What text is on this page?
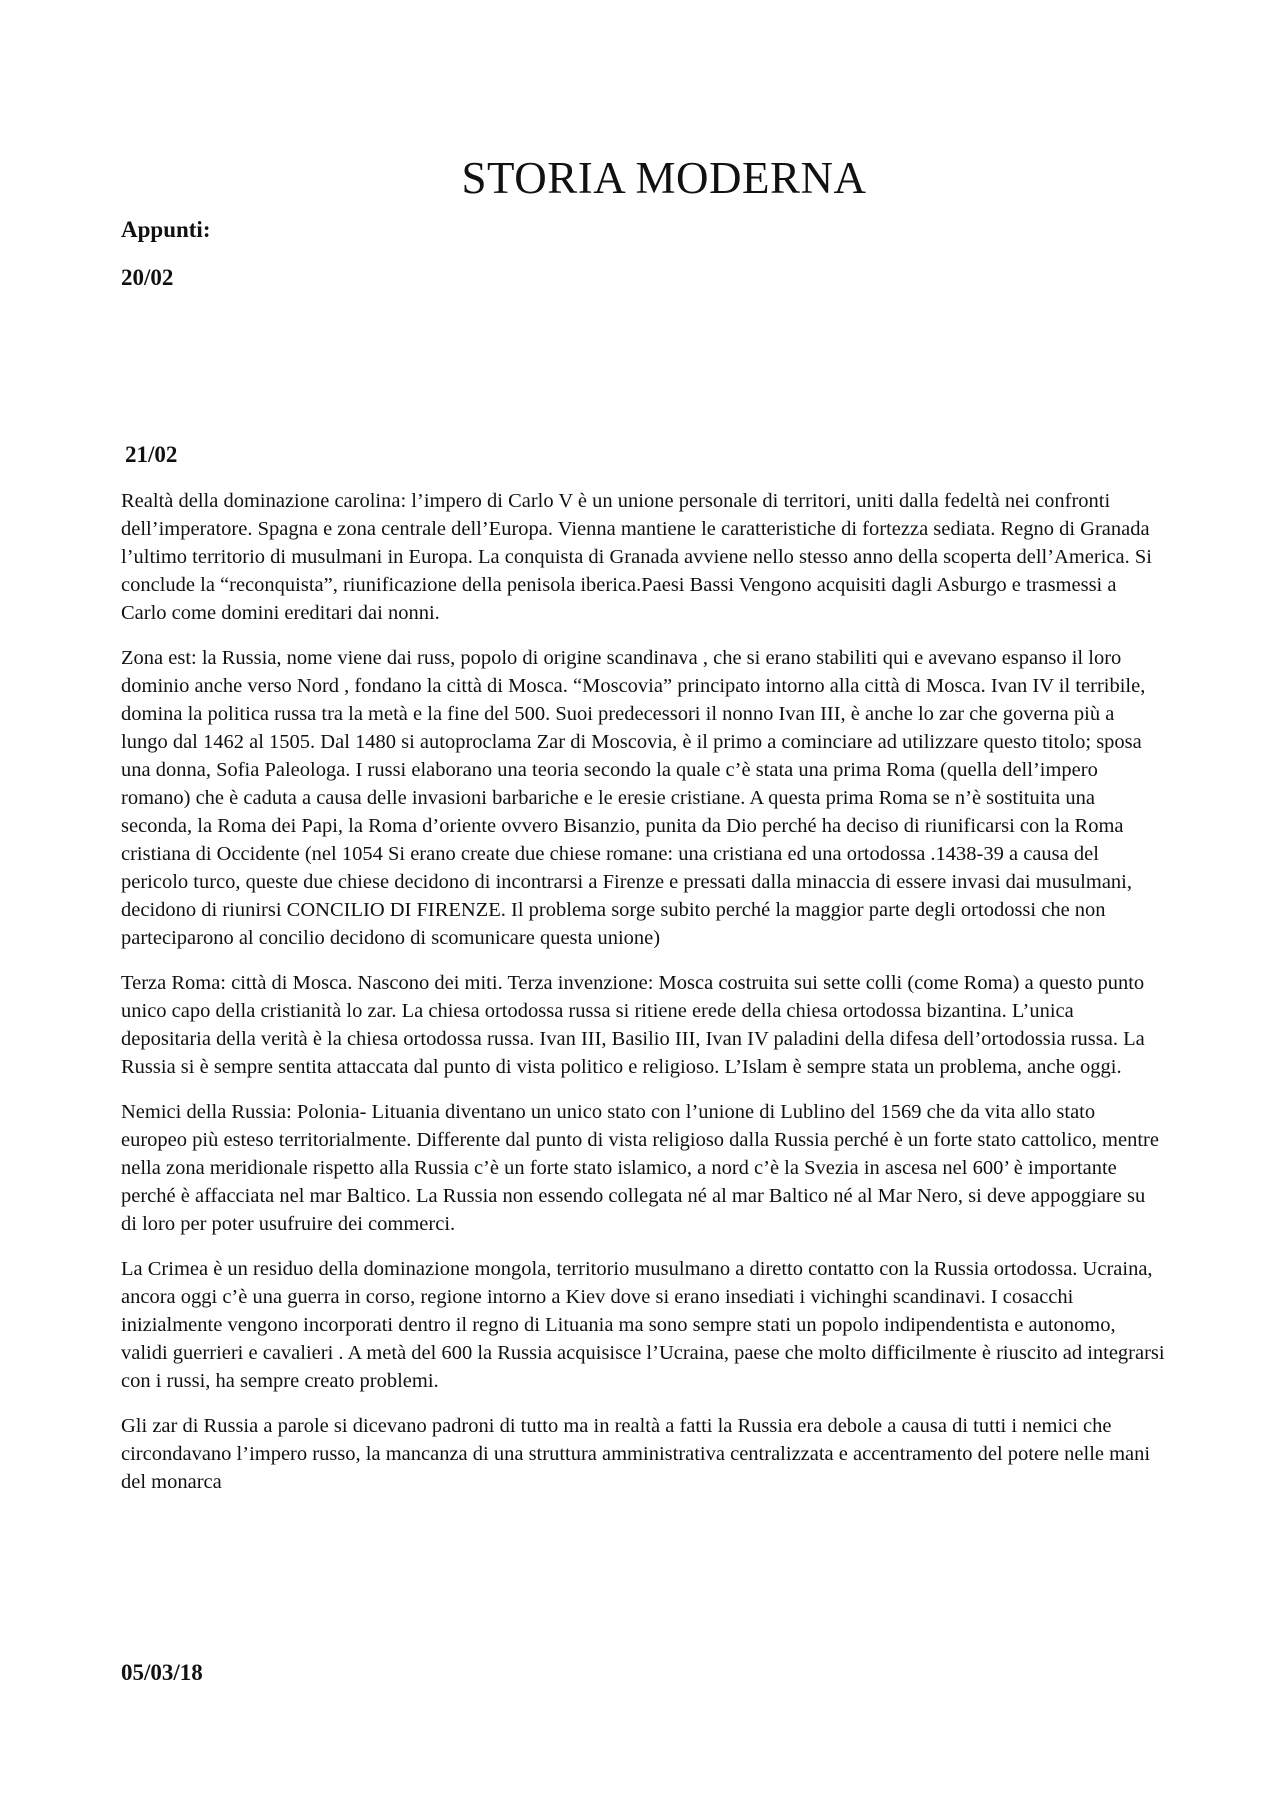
STORIA MODERNA
Appunti:
20/02
21/02

Realtà della dominazione carolina: l’impero di Carlo V è un unione personale di territori, uniti dalla fedeltà nei confronti dell’imperatore. Spagna e zona centrale dell’Europa. Vienna mantiene le caratteristiche di fortezza sediata. Regno di Granada l’ultimo territorio di musulmani in Europa. La conquista di Granada avviene nello stesso anno della scoperta dell’America. Si conclude la “reconquista”, riunificazione della penisola iberica.Paesi Bassi Vengono acquisiti dagli Asburgo e trasmessi a Carlo come domini ereditari dai nonni.

Zona est: la Russia, nome viene dai russ, popolo di origine scandinava , che si erano stabiliti qui e avevano espanso il loro dominio anche verso Nord , fondano la città di Mosca. “Moscovia” principato intorno alla città di Mosca. Ivan IV il terribile, domina la politica russa tra la metà e la fine del 500. Suoi predecessori il nonno Ivan III, è anche lo zar che governa più a lungo dal 1462 al 1505. Dal 1480 si autoproclama Zar di Moscovia, è il primo a cominciare ad utilizzare questo titolo; sposa una donna, Sofia Paleologa. I russi elaborano una teoria secondo la quale c’è stata una prima Roma (quella dell’impero romano) che è caduta a causa delle invasioni barbariche e le eresie cristiane. A questa prima Roma se n’è sostituita una seconda, la Roma dei Papi, la Roma d’oriente ovvero Bisanzio, punita da Dio perché ha deciso di riunificarsi con la Roma cristiana di Occidente (nel 1054 Si erano create due chiese romane: una cristiana ed una ortodossa .1438-39 a causa del pericolo turco, queste due chiese decidono di incontrarsi a Firenze e pressati dalla minaccia di essere invasi dai musulmani, decidono di riunirsi CONCILIO DI FIRENZE. Il problema sorge subito perché la maggior parte degli ortodossi che non parteciparono al concilio decidono di scomunicare questa unione)

Terza Roma: città di Mosca. Nascono dei miti. Terza invenzione: Mosca costruita sui sette colli (come Roma) a questo punto unico capo della cristianità lo zar. La chiesa ortodossa russa si ritiene erede della chiesa ortodossa bizantina. L’unica depositaria della verità è la chiesa ortodossa russa. Ivan III, Basilio III, Ivan IV paladini della difesa dell’ortodossia russa. La Russia si è sempre sentita attaccata dal punto di vista politico e religioso. L’Islam è sempre stata un problema, anche oggi.

Nemici della Russia: Polonia- Lituania diventano un unico stato con l’unione di Lublino del 1569 che da vita allo stato europeo più esteso territorialmente. Differente dal punto di vista religioso dalla Russia perché è un forte stato cattolico, mentre nella zona meridionale rispetto alla Russia c’è un forte stato islamico, a nord c’è la Svezia in ascesa nel 600’ è importante perché è affacciata nel mar Baltico. La Russia non essendo collegata né al mar Baltico né al Mar Nero, si deve appoggiare su di loro per poter usufruire dei commerci.

La Crimea è un residuo della dominazione mongola, territorio musulmano a diretto contatto con la Russia ortodossa. Ucraina, ancora oggi c’è una guerra in corso, regione intorno a Kiev dove si erano insediati i vichinghi scandinavi. I cosacchi inizialmente vengono incorporati dentro il regno di Lituania ma sono sempre stati un popolo indipendentista e autonomo, validi guerrieri e cavalieri . A metà del 600 la Russia acquisisce l’Ucraina, paese che molto difficilmente è riuscito ad integrarsi con i russi, ha sempre creato problemi.

Gli zar di Russia a parole si dicevano padroni di tutto ma in realtà a fatti la Russia era debole a causa di tutti i nemici che circondavano l’impero russo, la mancanza di una struttura amministrativa centralizzata e accentramento del potere nelle mani del monarca

05/03/18
